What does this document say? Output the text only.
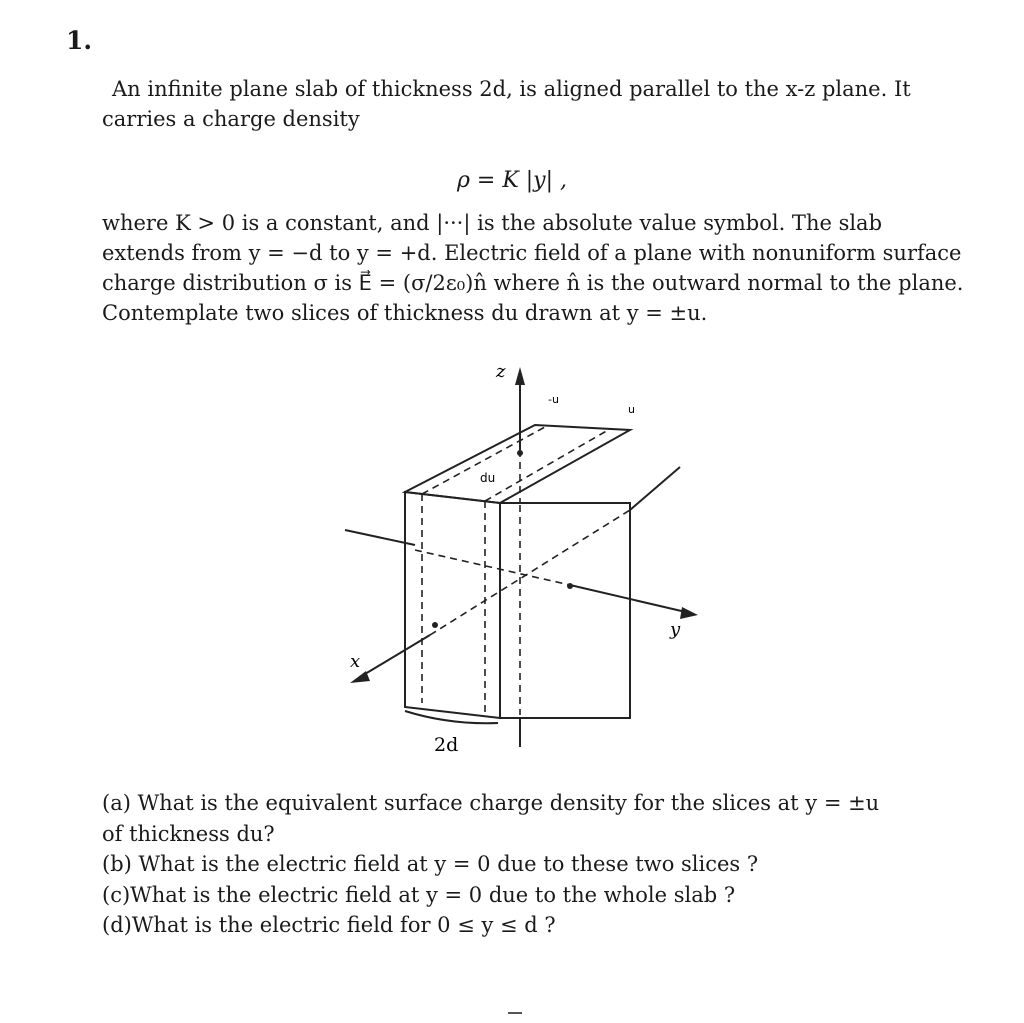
1.
An infinite plane slab of thickness 2d, is aligned parallel to the x-z plane. It
carries a charge density
ρ = K |y| ,
where K > 0 is a constant, and |···| is the absolute value symbol. The slab
extends from y = −d to y = +d. Electric field of a plane with nonuniform surface
charge distribution σ is E⃗ = (σ/2ε₀)n̂ where n̂ is the outward normal to the plane.
Contemplate two slices of thickness du drawn at y = ±u.
z
y
x
-u
u
du
2d
(a) What is the equivalent surface charge density for the slices at y = ±u
of thickness du?
(b) What is the electric field at y = 0 due to these two slices ?
(c)What is the electric field at y = 0 due to the whole slab ?
(d)What is the electric field for 0 ≤ y ≤ d ?
